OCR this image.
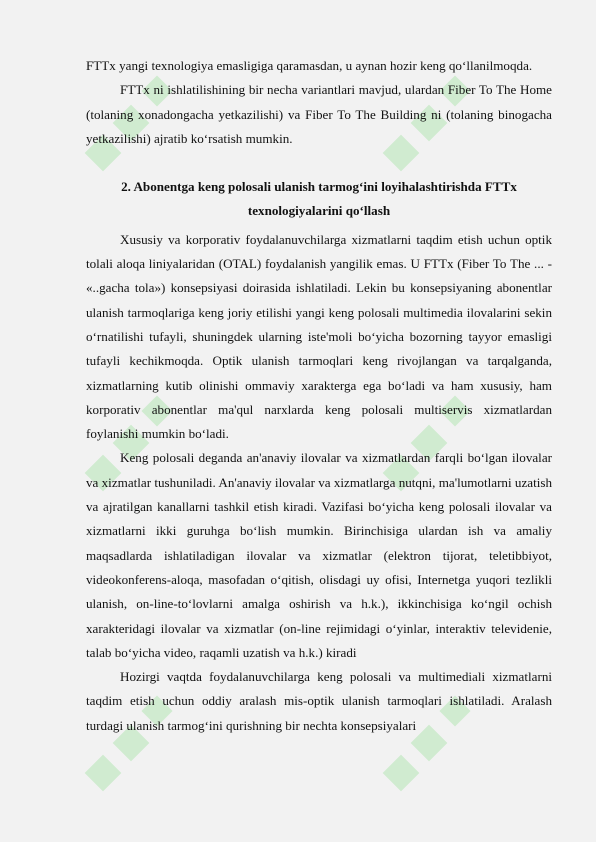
FTTx yangi texnologiya emasligiga qaramasdan, u aynan hozir keng qo‘llanilmoqda.

FTTx ni ishlatilishining bir necha variantlari mavjud, ulardan Fiber To The Home (tolaning xonadongacha yetkazilishi) va Fiber To The Building ni (tolaning binogacha yetkazilishi) ajratib ko‘rsatish mumkin.

2. Abonentga keng polosali ulanish tarmog‘ini loyihalashtirishda FTTx
texnologiyalarini qo‘llash

Xususiy va korporativ foydalanuvchilarga xizmatlarni taqdim etish uchun optik tolali aloqa liniyalaridan (OTAL) foydalanish yangilik emas. U FTTx (Fiber To The ... - «..gacha tola») konsepsiyasi doirasida ishlatiladi. Lekin bu konsepsiyaning abonentlar ulanish tarmoqlariga keng joriy etilishi yangi keng polosali multimedia ilovalarini sekin o‘rnatilishi tufayli, shuningdek ularning iste'moli bo‘yicha bozorning tayyor emasligi tufayli kechikmoqda. Optik ulanish tarmoqlari keng rivojlangan va tarqalganda, xizmatlarning kutib olinishi ommaviy xarakterga ega bo‘ladi va ham xususiy, ham korporativ abonentlar ma'qul narxlarda keng polosali multiservis xizmatlardan foylanishi mumkin bo‘ladi.

Keng polosali deganda an'anaviy ilovalar va xizmatlardan farqli bo‘lgan ilovalar va xizmatlar tushuniladi. An'anaviy ilovalar va xizmatlarga nutqni, ma'lumotlarni uzatish va ajratilgan kanallarni tashkil etish kiradi. Vazifasi bo‘yicha keng polosali ilovalar va xizmatlarni ikki guruhga bo‘lish mumkin. Birinchisiga ulardan ish va amaliy maqsadlarda ishlatiladigan ilovalar va xizmatlar (elektron tijorat, teletibbiyot, videokonferens-aloqa, masofadan o‘qitish, olisdagi uy ofisi, Internetga yuqori tezlikli ulanish, on-line-to‘lovlarni amalga oshirish va h.k.), ikkinchisiga ko‘ngil ochish xarakteridagi ilovalar va xizmatlar (on-line rejimidagi o‘yinlar, interaktiv televidenie, talab bo‘yicha video, raqamli uzatish va h.k.) kiradi

Hozirgi vaqtda foydalanuvchilarga keng polosali va multimediali xizmatlarni taqdim etish uchun oddiy aralash mis-optik ulanish tarmoqlari ishlatiladi. Aralash turdagi ulanish tarmog‘ini qurishning bir nechta konsepsiyalari
